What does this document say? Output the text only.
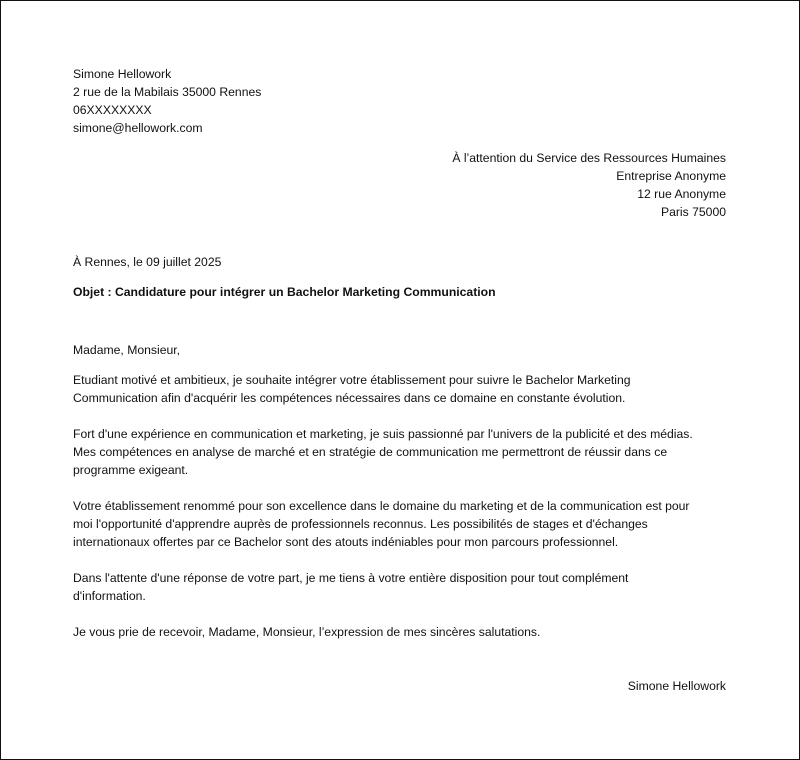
Simone Hellowork
2 rue de la Mabilais 35000 Rennes
06XXXXXXXX
simone@hellowork.com
À l’attention du Service des Ressources Humaines
Entreprise Anonyme
12 rue Anonyme
Paris 75000
À Rennes, le 09 juillet 2025
Objet : Candidature pour intégrer un Bachelor Marketing Communication
Madame, Monsieur,
Etudiant motivé et ambitieux, je souhaite intégrer votre établissement pour suivre le Bachelor Marketing
Communication afin d'acquérir les compétences nécessaires dans ce domaine en constante évolution.
Fort d'une expérience en communication et marketing, je suis passionné par l'univers de la publicité et des médias.
Mes compétences en analyse de marché et en stratégie de communication me permettront de réussir dans ce
programme exigeant.
Votre établissement renommé pour son excellence dans le domaine du marketing et de la communication est pour
moi l'opportunité d'apprendre auprès de professionnels reconnus. Les possibilités de stages et d'échanges
internationaux offertes par ce Bachelor sont des atouts indéniables pour mon parcours professionnel.
Dans l'attente d'une réponse de votre part, je me tiens à votre entière disposition pour tout complément
d'information.
Je vous prie de recevoir, Madame, Monsieur, l’expression de mes sincères salutations.
Simone Hellowork
